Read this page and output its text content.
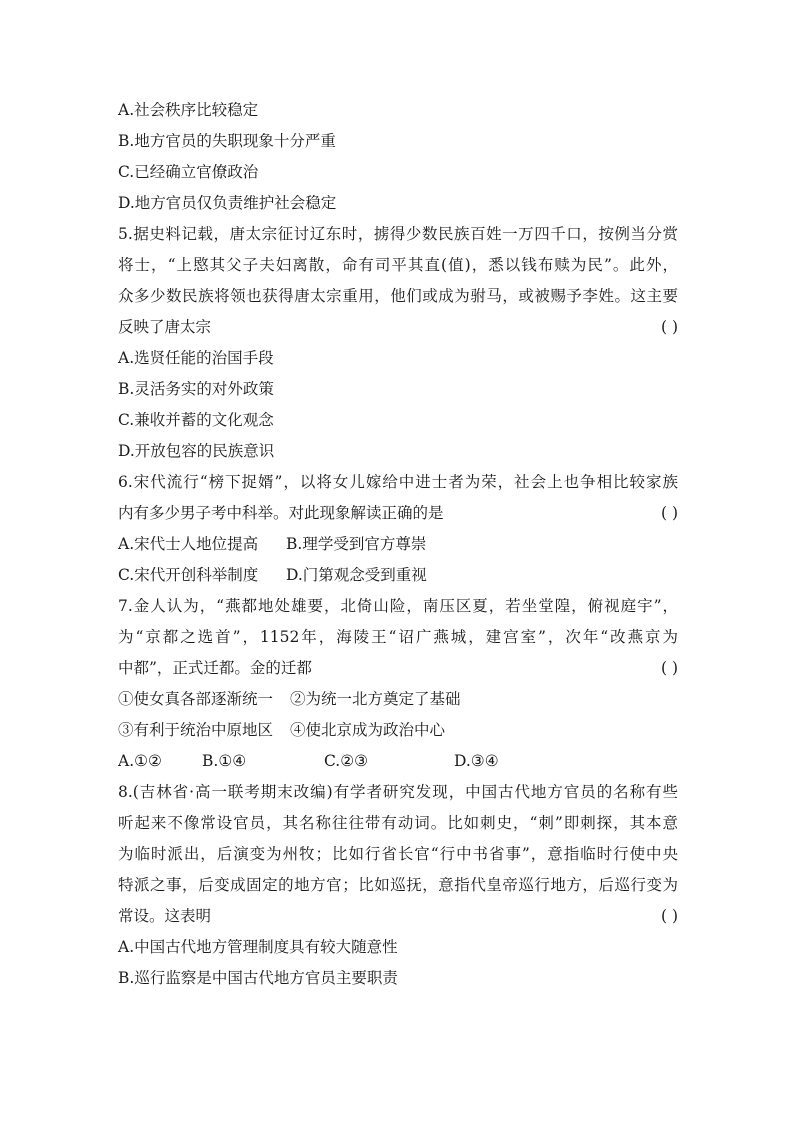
A.社会秩序比较稳定
B.地方官员的失职现象十分严重
C.已经确立官僚政治
D.地方官员仅负责维护社会稳定
5.据史料记载，唐太宗征讨辽东时，掳得少数民族百姓一万四千口，按例当分赏
将士，“上愍其父子夫妇离散，命有司平其直(值)，悉以钱布赎为民”。此外，
众多少数民族将领也获得唐太宗重用，他们或成为驸马，或被赐予李姓。这主要
反映了唐太宗	( )
A.选贤任能的治国手段
B.灵活务实的对外政策
C.兼收并蓄的文化观念
D.开放包容的民族意识
6.宋代流行“榜下捉婿”，以将女儿嫁给中进士者为荣，社会上也争相比较家族
内有多少男子考中科举。对此现象解读正确的是	( )
A.宋代士人地位提高 B.理学受到官方尊崇
C.宋代开创科举制度 D.门第观念受到重视
7.金人认为，“燕都地处雄要，北倚山险，南压区夏，若坐堂隍，俯视庭宇”，
为“京都之选首”，1152年，海陵王“诏广燕城，建宫室”，次年“改燕京为
中都”，正式迁都。金的迁都	( )
①使女真各部逐渐统一 ②为统一北方奠定了基础
③有利于统治中原地区 ④使北京成为政治中心
A.①②	B.①④	C.②③	D.③④
8.(吉林省·高一联考期末改编)有学者研究发现，中国古代地方官员的名称有些
听起来不像常设官员，其名称往往带有动词。比如刺史，“刺”即刺探，其本意
为临时派出，后演变为州牧；比如行省长官“行中书省事”，意指临时行使中央
特派之事，后变成固定的地方官；比如巡抚，意指代皇帝巡行地方，后巡行变为
常设。这表明	( )
A.中国古代地方管理制度具有较大随意性
B.巡行监察是中国古代地方官员主要职责
